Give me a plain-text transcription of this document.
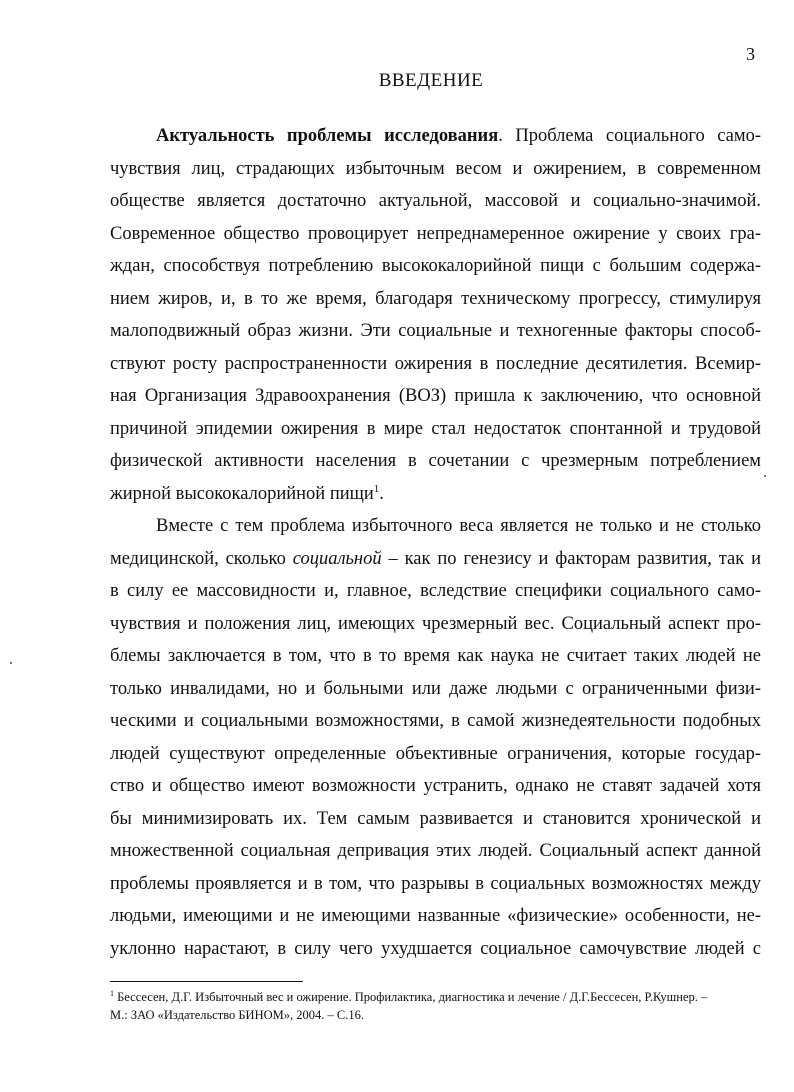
3
ВВЕДЕНИЕ
Актуальность проблемы исследования. Проблема социального само-
чувствия лиц, страдающих избыточным весом и ожирением, в современном
обществе является достаточно актуальной, массовой и социально-значимой.
Современное общество провоцирует непреднамеренное ожирение у своих гра-
ждан, способствуя потреблению высококалорийной пищи с большим содержа-
нием жиров, и, в то же время, благодаря техническому прогрессу, стимулируя
малоподвижный образ жизни. Эти социальные и техногенные факторы способ-
ствуют росту распространенности ожирения в последние десятилетия. Всемир-
ная Организация Здравоохранения (ВОЗ) пришла к заключению, что основной
причиной эпидемии ожирения в мире стал недостаток спонтанной и трудовой
физической активности населения в сочетании с чрезмерным потреблением
жирной высококалорийной пищи$^1$.
Вместе с тем проблема избыточного веса является не только и не столько
медицинской, сколько социальной – как по генезису и факторам развития, так и
в силу ее массовидности и, главное, вследствие специфики социального само-
чувствия и положения лиц, имеющих чрезмерный вес. Социальный аспект про-
блемы заключается в том, что в то время как наука не считает таких людей не
только инвалидами, но и больными или даже людьми с ограниченными физи-
ческими и социальными возможностями, в самой жизнедеятельности подобных
людей существуют определенные объективные ограничения, которые государ-
ство и общество имеют возможности устранить, однако не ставят задачей хотя
бы минимизировать их. Тем самым развивается и становится хронической и
множественной социальная депривация этих людей. Социальный аспект данной
проблемы проявляется и в том, что разрывы в социальных возможностях между
людьми, имеющими и не имеющими названные «физические» особенности, не-
уклонно нарастают, в силу чего ухудшается социальное самочувствие людей с
$^1$ Бессесен, Д.Г. Избыточный вес и ожирение. Профилактика, диагностика и лечение / Д.Г.Бессесен, Р.Кушнер. –
М.: ЗАО «Издательство БИНОМ», 2004. – С.16.
